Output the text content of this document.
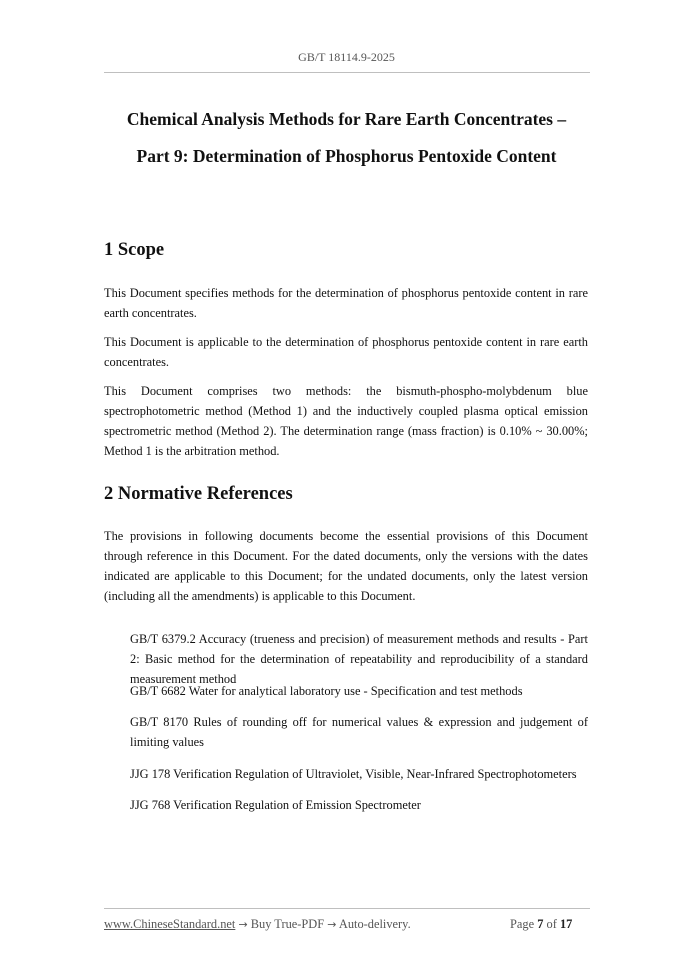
GB/T 18114.9-2025
Chemical Analysis Methods for Rare Earth Concentrates –
Part 9: Determination of Phosphorus Pentoxide Content
1 Scope
This Document specifies methods for the determination of phosphorus pentoxide content in rare earth concentrates.
This Document is applicable to the determination of phosphorus pentoxide content in rare earth concentrates.
This Document comprises two methods: the bismuth-phospho-molybdenum blue spectrophotometric method (Method 1) and the inductively coupled plasma optical emission spectrometric method (Method 2). The determination range (mass fraction) is 0.10% ~ 30.00%; Method 1 is the arbitration method.
2 Normative References
The provisions in following documents become the essential provisions of this Document through reference in this Document. For the dated documents, only the versions with the dates indicated are applicable to this Document; for the undated documents, only the latest version (including all the amendments) is applicable to this Document.
GB/T 6379.2 Accuracy (trueness and precision) of measurement methods and results - Part 2: Basic method for the determination of repeatability and reproducibility of a standard measurement method
GB/T 6682 Water for analytical laboratory use - Specification and test methods
GB/T 8170 Rules of rounding off for numerical values & expression and judgement of limiting values
JJG 178 Verification Regulation of Ultraviolet, Visible, Near-Infrared Spectrophotometers
JJG 768 Verification Regulation of Emission Spectrometer
www.ChineseStandard.net → Buy True-PDF → Auto-delivery.	Page 7 of 17
